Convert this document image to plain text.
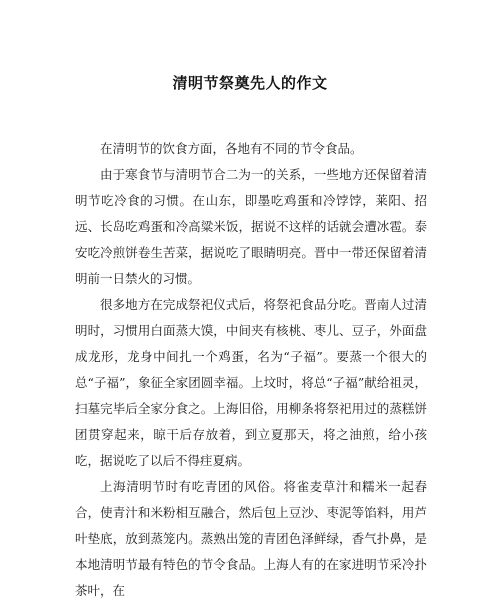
清明节祭奠先人的作文

在清明节的饮食方面，各地有不同的节令食品。

由于寒食节与清明节合二为一的关系，一些地方还保留着清明节吃冷食的习惯。在山东，即墨吃鸡蛋和冷饽饽，莱阳、招远、长岛吃鸡蛋和冷高粱米饭，据说不这样的话就会遭冰雹。泰安吃冷煎饼卷生苦菜，据说吃了眼睛明亮。晋中一带还保留着清明前一日禁火的习惯。

很多地方在完成祭祀仪式后，将祭祀食品分吃。晋南人过清明时，习惯用白面蒸大馍，中间夹有核桃、枣儿、豆子，外面盘成龙形，龙身中间扎一个鸡蛋，名为“子福”。要蒸一个很大的总“子福”，象征全家团圆幸福。上坟时，将总“子福”献给祖灵，扫墓完毕后全家分食之。上海旧俗，用柳条将祭祀用过的蒸糕饼团贯穿起来，晾干后存放着，到立夏那天，将之油煎，给小孩吃，据说吃了以后不得疰夏病。

上海清明节时有吃青团的风俗。将雀麦草汁和糯米一起舂合，使青汁和米粉相互融合，然后包上豆沙、枣泥等馅料，用芦叶垫底，放到蒸笼内。蒸熟出笼的青团色泽鲜绿，香气扑鼻，是本地清明节最有特色的节令食品。上海人有的在家进明节采冷扑茶叶，在
